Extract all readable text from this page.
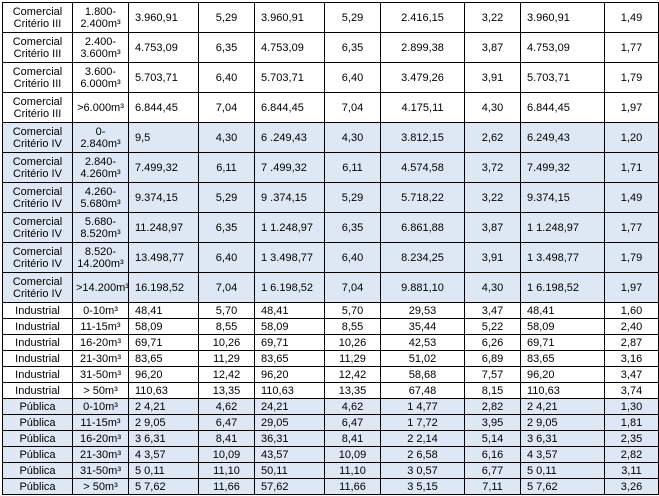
Comercial Critério III	1.800-2.400m³	3.960,91	5,29	3.960,91	5,29	2.416,15	3,22	3.960,91	1,49
Comercial Critério III	2.400-3.600m³	4.753,09	6,35	4.753,09	6,35	2.899,38	3,87	4.753,09	1,77
Comercial Critério III	3.600-6.000m³	5.703,71	6,40	5.703,71	6,40	3.479,26	3,91	5.703,71	1,79
Comercial Critério III	>6.000m³	6.844,45	7,04	6.844,45	7,04	4.175,11	4,30	6.844,45	1,97
Comercial Critério IV	0-2.840m³	9,5	4,30	6 .249,43	4,30	3.812,15	2,62	6.249,43	1,20
Comercial Critério IV	2.840-4.260m³	7.499,32	6,11	7 .499,32	6,11	4.574,58	3,72	7.499,32	1,71
Comercial Critério IV	4.260-5.680m³	9.374,15	5,29	9 .374,15	5,29	5.718,22	3,22	9.374,15	1,49
Comercial Critério IV	5.680-8.520m³	11.248,97	6,35	1 1.248,97	6,35	6.861,88	3,87	1 1.248,97	1,77
Comercial Critério IV	8.520-14.200m³	13.498,77	6,40	1 3.498,77	6,40	8.234,25	3,91	1 3.498,77	1,79
Comercial Critério IV	>14.200m³	16.198,52	7,04	1 6.198,52	7,04	9.881,10	4,30	1 6.198,52	1,97
Industrial	0-10m³	48,41	5,70	48,41	5,70	29,53	3,47	48,41	1,60
Industrial	11-15m³	58,09	8,55	58,09	8,55	35,44	5,22	58,09	2,40
Industrial	16-20m³	69,71	10,26	69,71	10,26	42,53	6,26	69,71	2,87
Industrial	21-30m³	83,65	11,29	83,65	11,29	51,02	6,89	83,65	3,16
Industrial	31-50m³	96,20	12,42	96,20	12,42	58,68	7,57	96,20	3,47
Industrial	> 50m³	110,63	13,35	110,63	13,35	67,48	8,15	110,63	3,74
Pública	0-10m³	2 4,21	4,62	24,21	4,62	1 4,77	2,82	2 4,21	1,30
Pública	11-15m³	2 9,05	6,47	29,05	6,47	1 7,72	3,95	2 9,05	1,81
Pública	16-20m³	3 6,31	8,41	36,31	8,41	2 2,14	5,14	3 6,31	2,35
Pública	21-30m³	4 3,57	10,09	43,57	10,09	2 6,58	6,16	4 3,57	2,82
Pública	31-50m³	5 0,11	11,10	50,11	11,10	3 0,57	6,77	5 0,11	3,11
Pública	> 50m³	5 7,62	11,66	57,62	11,66	3 5,15	7,11	5 7,62	3,26
